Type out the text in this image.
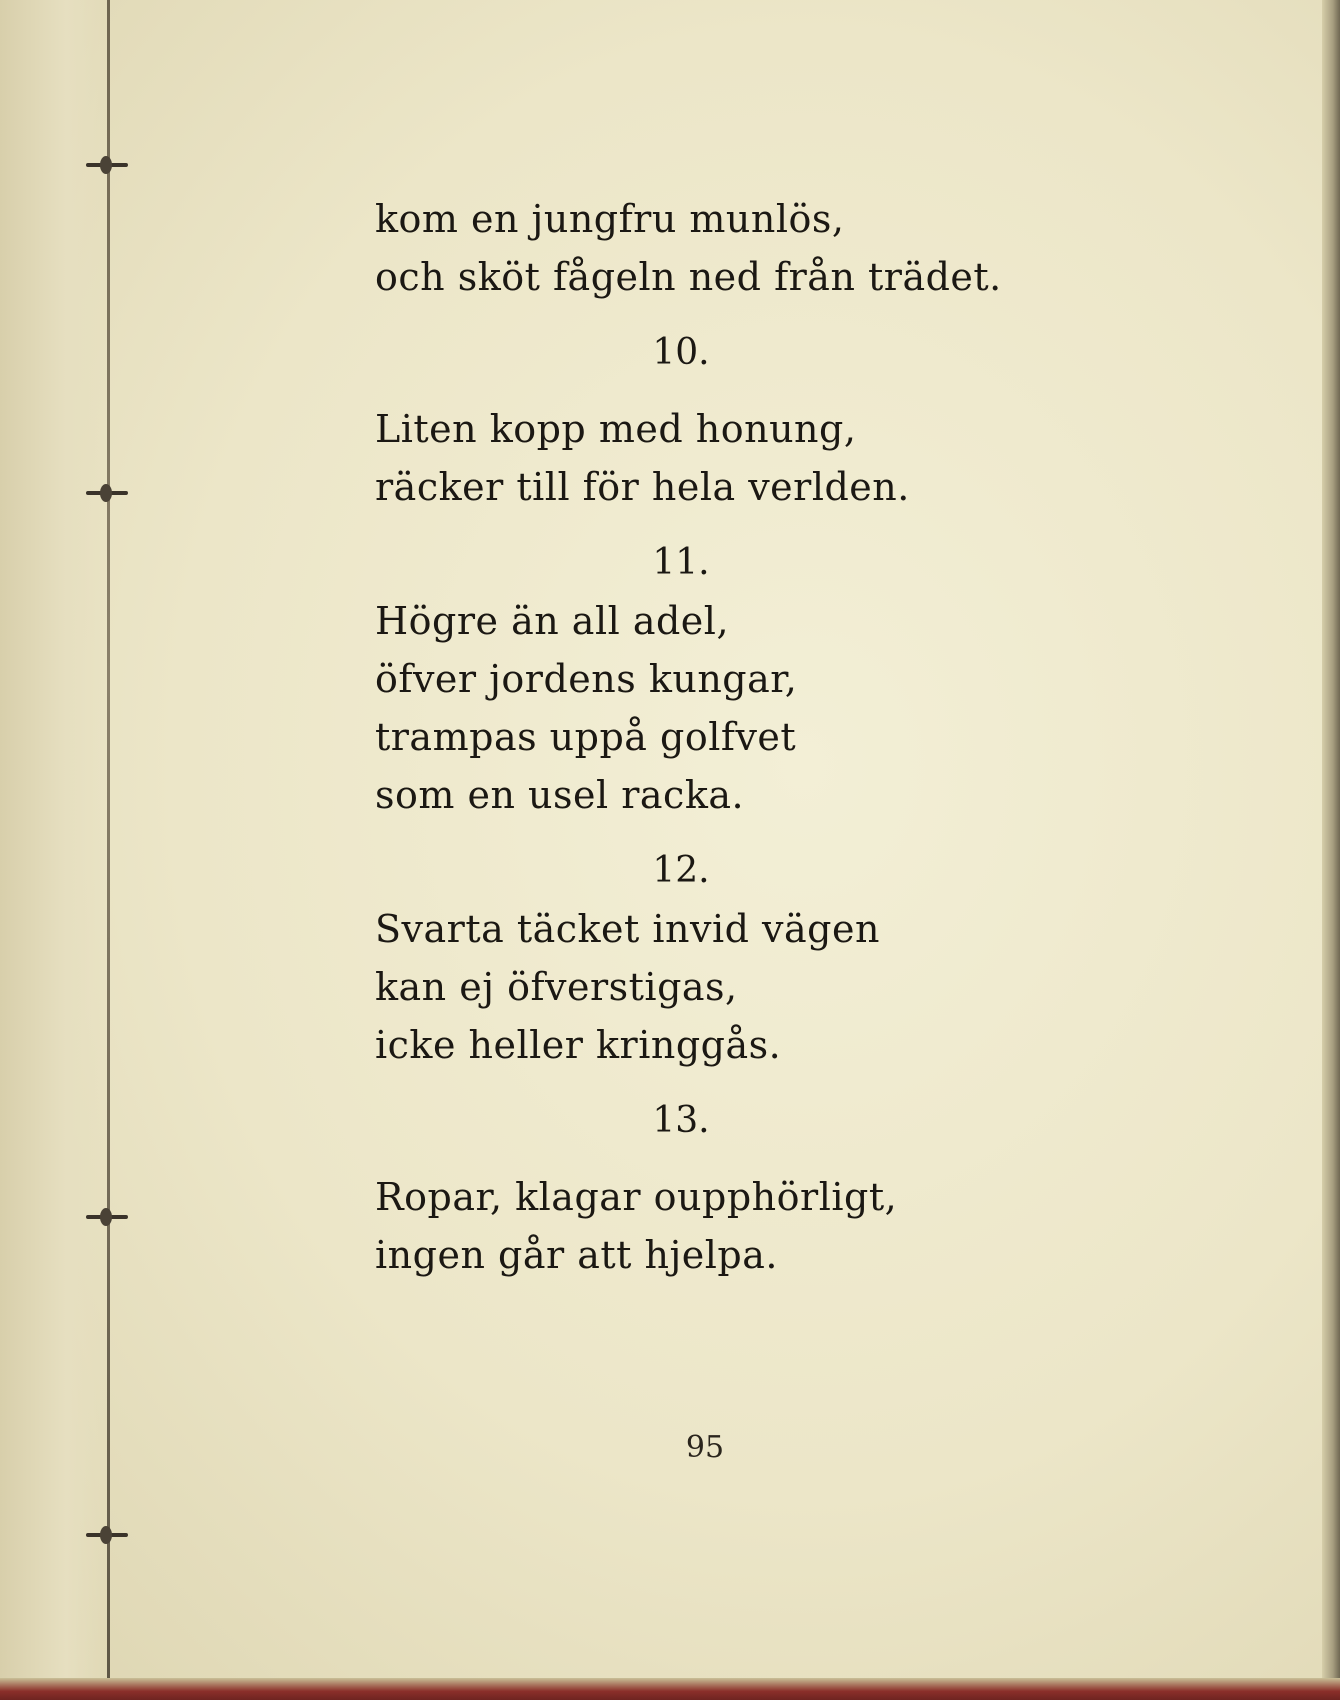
kom en jungfru munlös,
och sköt fågeln ned från trädet.
10.
Liten kopp med honung,
räcker till för hela verlden.
11.
Högre än all adel,
öfver jordens kungar,
trampas uppå golfvet
som en usel racka.
12.
Svarta täcket invid vägen
kan ej öfverstigas,
icke heller kringgås.
13.
Ropar, klagar oupphörligt,
ingen går att hjelpa.
95
